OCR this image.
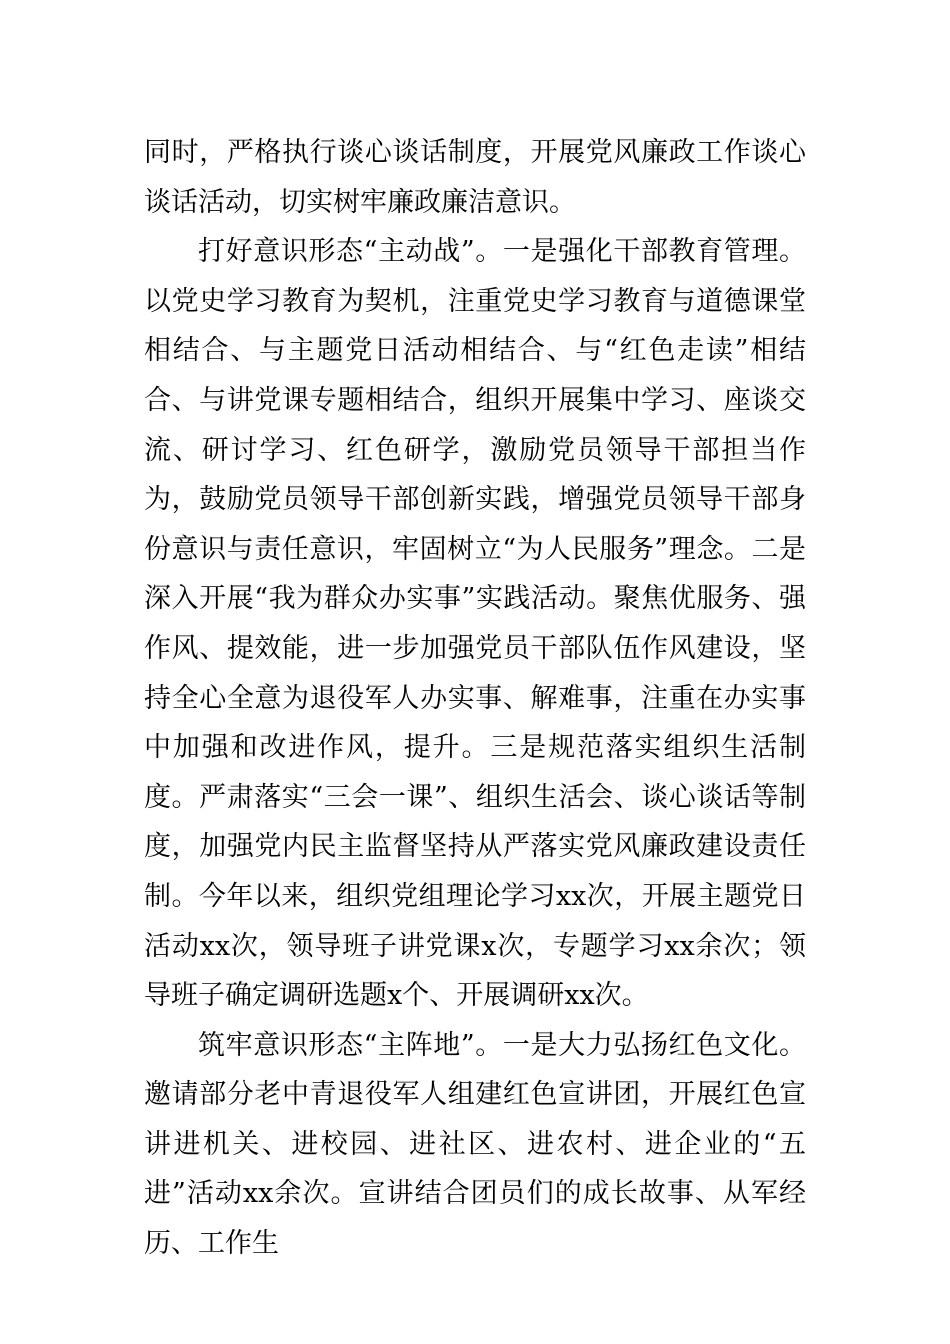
同时，严格执行谈心谈话制度，开展党风廉政工作谈心谈话活动，切实树牢廉政廉洁意识。

打好意识形态“主动战”。一是强化干部教育管理。以党史学习教育为契机，注重党史学习教育与道德课堂相结合、与主题党日活动相结合、与“红色走读”相结合、与讲党课专题相结合，组织开展集中学习、座谈交流、研讨学习、红色研学，激励党员领导干部担当作为，鼓励党员领导干部创新实践，增强党员领导干部身份意识与责任意识，牢固树立“为人民服务”理念。二是深入开展“我为群众办实事”实践活动。聚焦优服务、强作风、提效能，进一步加强党员干部队伍作风建设，坚持全心全意为退役军人办实事、解难事，注重在办实事中加强和改进作风，提升。三是规范落实组织生活制度。严肃落实“三会一课”、组织生活会、谈心谈话等制度，加强党内民主监督坚持从严落实党风廉政建设责任制。今年以来，组织党组理论学习xx次，开展主题党日活动xx次，领导班子讲党课x次，专题学习xx余次；领导班子确定调研选题x个、开展调研xx次。

筑牢意识形态“主阵地”。一是大力弘扬红色文化。邀请部分老中青退役军人组建红色宣讲团，开展红色宣讲进机关、进校园、进社区、进农村、进企业的“五进”活动xx余次。宣讲结合团员们的成长故事、从军经历、工作生
